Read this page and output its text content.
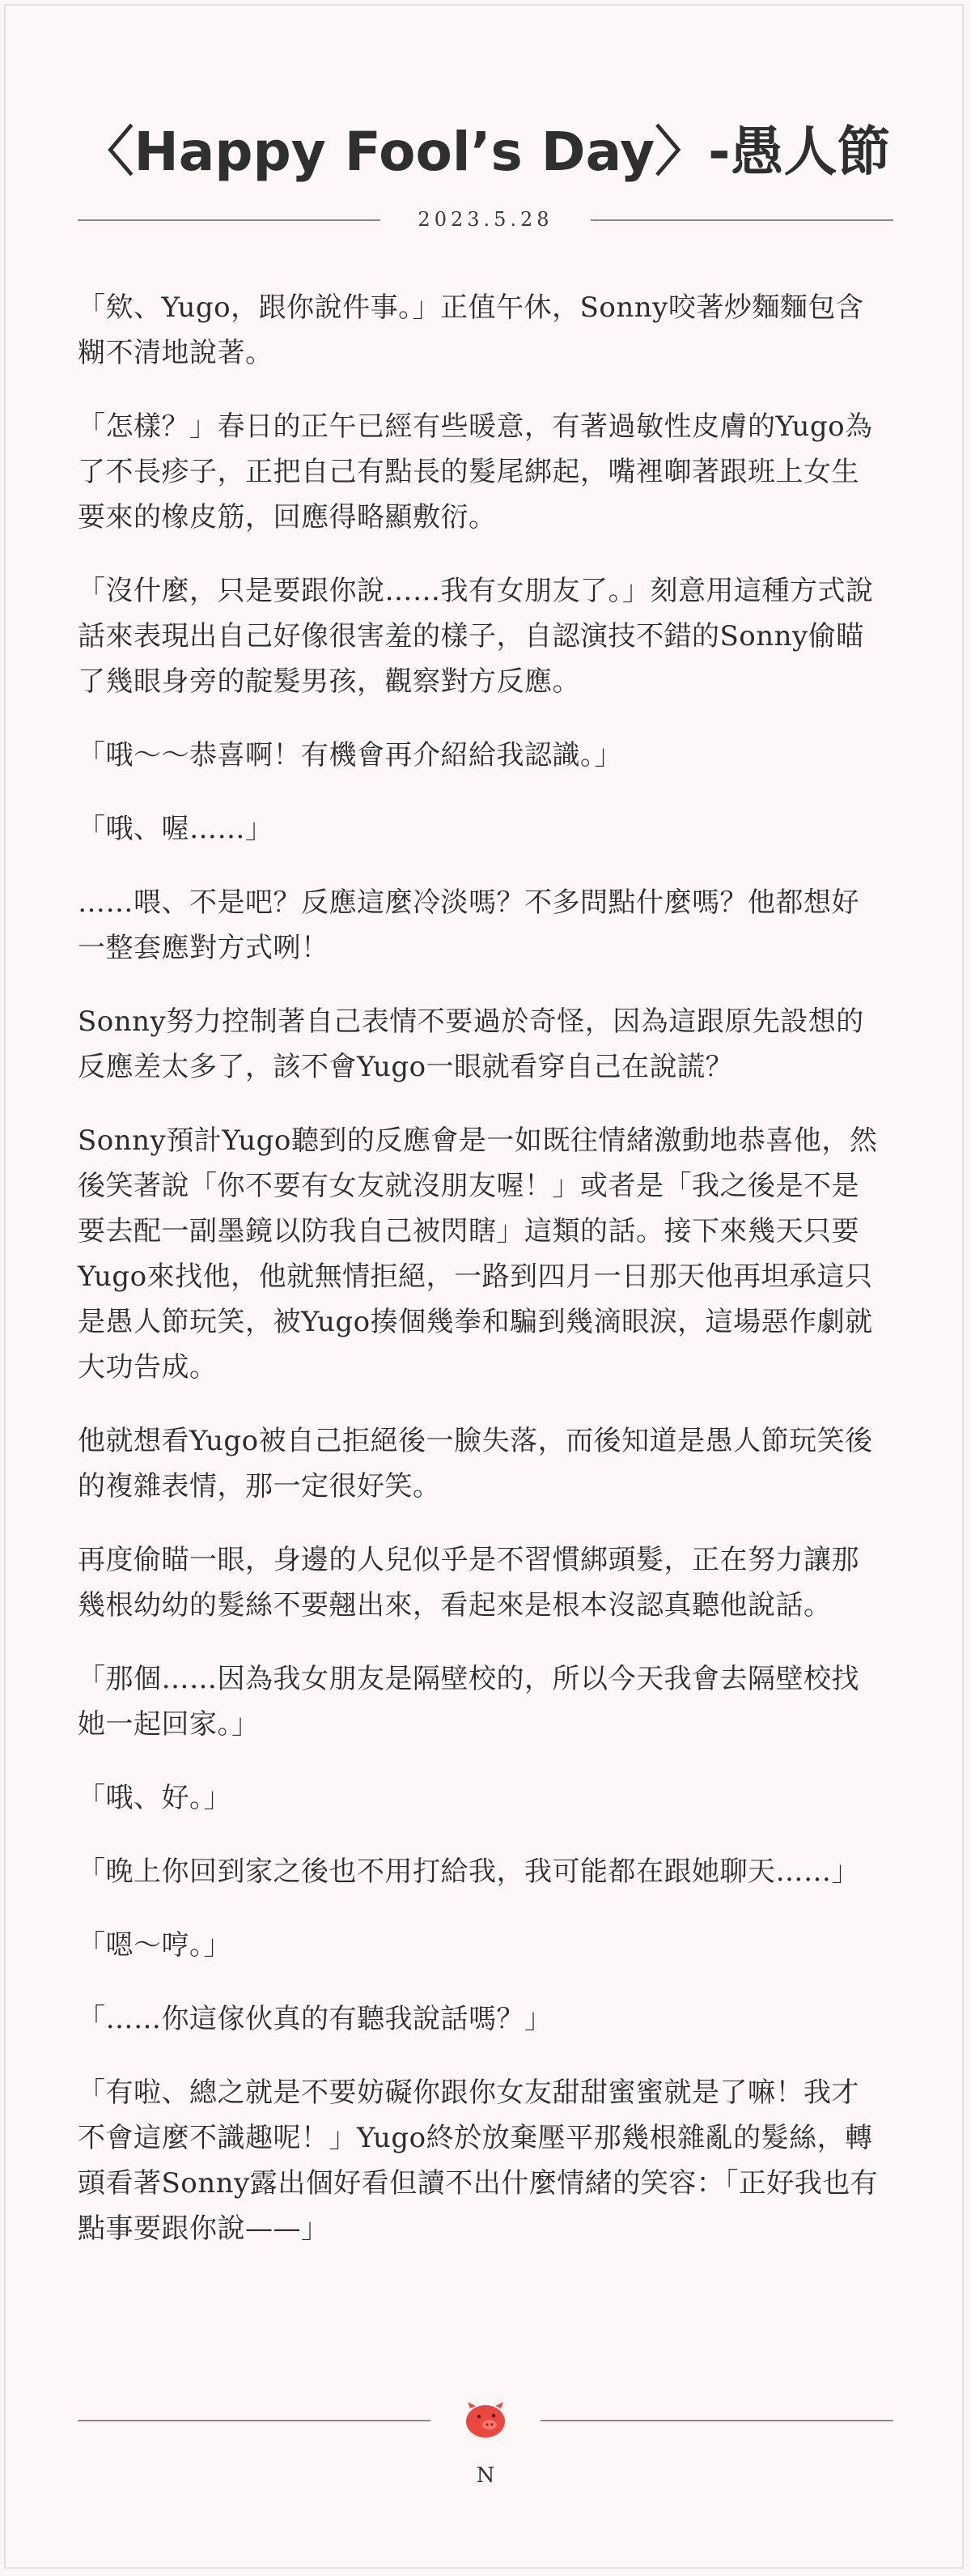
〈Happy Fool’s Day〉-愚人節
2023.5.28

「欸、Yugo，跟你說件事。」正值午休，Sonny咬著炒麵麵包含糊不清地說著。

「怎樣？」春日的正午已經有些暖意，有著過敏性皮膚的Yugo為了不長疹子，正把自己有點長的髮尾綁起，嘴裡啣著跟班上女生要來的橡皮筋，回應得略顯敷衍。

「沒什麼，只是要跟你說……我有女朋友了。」刻意用這種方式說話來表現出自己好像很害羞的樣子，自認演技不錯的Sonny偷瞄了幾眼身旁的靛髮男孩，觀察對方反應。

「哦～～恭喜啊！有機會再介紹給我認識。」

「哦、喔……」

……喂、不是吧？反應這麼冷淡嗎？不多問點什麼嗎？他都想好一整套應對方式咧！

Sonny努力控制著自己表情不要過於奇怪，因為這跟原先設想的反應差太多了，該不會Yugo一眼就看穿自己在說謊？

Sonny預計Yugo聽到的反應會是一如既往情緒激動地恭喜他，然後笑著說「你不要有女友就沒朋友喔！」或者是「我之後是不是要去配一副墨鏡以防我自己被閃瞎」這類的話。接下來幾天只要Yugo來找他，他就無情拒絕，一路到四月一日那天他再坦承這只是愚人節玩笑，被Yugo揍個幾拳和騙到幾滴眼淚，這場惡作劇就大功告成。

他就想看Yugo被自己拒絕後一臉失落，而後知道是愚人節玩笑後的複雜表情，那一定很好笑。

再度偷瞄一眼，身邊的人兒似乎是不習慣綁頭髮，正在努力讓那幾根幼幼的髮絲不要翹出來，看起來是根本沒認真聽他說話。

「那個……因為我女朋友是隔壁校的，所以今天我會去隔壁校找她一起回家。」

「哦、好。」

「晚上你回到家之後也不用打給我，我可能都在跟她聊天……」

「嗯～哼。」

「……你這傢伙真的有聽我說話嗎？」

「有啦、總之就是不要妨礙你跟你女友甜甜蜜蜜就是了嘛！我才不會這麼不識趣呢！」Yugo終於放棄壓平那幾根雜亂的髮絲，轉頭看著Sonny露出個好看但讀不出什麼情緒的笑容：「正好我也有點事要跟你說——」

N
